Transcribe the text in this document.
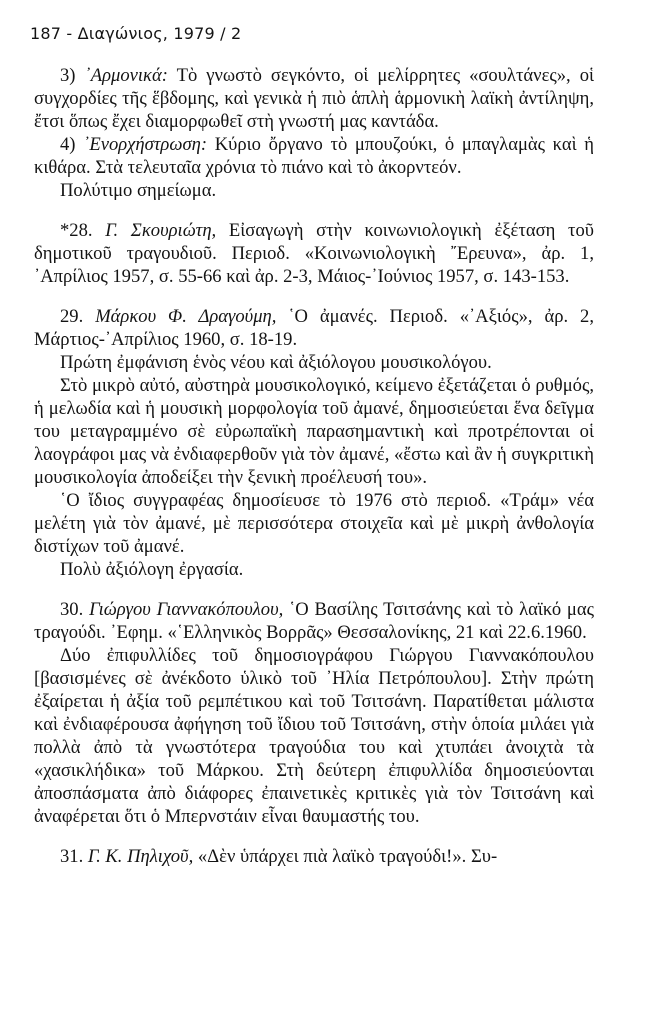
187 - Διαγώνιος, 1979 / 2

3) ᾿Αρμονικά: Τὸ γνωστὸ σεγκόντο, οἱ μελίρρητες «σουλτάνες», οἱ συγχορδίες τῆς ἕβδομης, καὶ γενικὰ ἡ πιὸ ἁπλὴ ἁρμονικὴ λαϊκὴ ἀντίληψη, ἔτσι ὅπως ἔχει διαμορφωθεῖ στὴ γνωστή μας καντάδα.

4) ᾿Ενορχήστρωση: Κύριο ὄργανο τὸ μπουζούκι, ὁ μπαγλαμὰς καὶ ἡ κιθάρα. Στὰ τελευταῖα χρόνια τὸ πιάνο καὶ τὸ ἀκορντεόν.

Πολύτιμο σημείωμα.

*28. Γ. Σκουριώτη, Εἰσαγωγὴ στὴν κοινωνιολογικὴ ἐξέταση τοῦ δημοτικοῦ τραγουδιοῦ. Περιοδ. «Κοινωνιολογικὴ ῎Ερευνα», ἀρ. 1, ᾿Απρίλιος 1957, σ. 55-66 καὶ ἀρ. 2-3, Μάιος-᾿Ιούνιος 1957, σ. 143-153.

29. Μάρκου Φ. Δραγούμη, ῾Ο ἀμανές. Περιοδ. «᾿Αξιός», ἀρ. 2, Μάρτιος-᾿Απρίλιος 1960, σ. 18-19.

Πρώτη ἐμφάνιση ἑνὸς νέου καὶ ἀξιόλογου μουσικολόγου.

Στὸ μικρὸ αὐτό, αὐστηρὰ μουσικολογικό, κείμενο ἐξετάζεται ὁ ρυθμός, ἡ μελωδία καὶ ἡ μουσικὴ μορφολογία τοῦ ἀμανέ, δημοσιεύεται ἕνα δεῖγμα του μεταγραμμένο σὲ εὐρωπαϊκὴ παρασημαντικὴ καὶ προτρέπονται οἱ λαογράφοι μας νὰ ἐνδιαφερθοῦν γιὰ τὸν ἀμανέ, «ἔστω καὶ ἂν ἡ συγκριτικὴ μουσικολογία ἀποδείξει τὴν ξενικὴ προέλευσή του».

῾Ο ἴδιος συγγραφέας δημοσίευσε τὸ 1976 στὸ περιοδ. «Τράμ» νέα μελέτη γιὰ τὸν ἀμανέ, μὲ περισσότερα στοιχεῖα καὶ μὲ μικρὴ ἀνθολογία διστίχων τοῦ ἀμανέ.

Πολὺ ἀξιόλογη ἐργασία.

30. Γιώργου Γιαννακόπουλου, ῾Ο Βασίλης Τσιτσάνης καὶ τὸ λαϊκό μας τραγούδι. ᾿Εφημ. «῾Ελληνικὸς Βορρᾶς» Θεσσαλονίκης, 21 καὶ 22.6.1960.

Δύο ἐπιφυλλίδες τοῦ δημοσιογράφου Γιώργου Γιαννακόπουλου [βασισμένες σὲ ἀνέκδοτο ὑλικὸ τοῦ ᾿Ηλία Πετρόπουλου]. Στὴν πρώτη ἐξαίρεται ἡ ἀξία τοῦ ρεμπέτικου καὶ τοῦ Τσιτσάνη. Παρατίθεται μάλιστα καὶ ἐνδιαφέρουσα ἀφήγηση τοῦ ἴδιου τοῦ Τσιτσάνη, στὴν ὁποία μιλάει γιὰ πολλὰ ἀπὸ τὰ γνωστότερα τραγούδια του καὶ χτυπάει ἀνοιχτὰ τὰ «χασικλήδικα» τοῦ Μάρκου. Στὴ δεύτερη ἐπιφυλλίδα δημοσιεύονται ἀποσπάσματα ἀπὸ διάφορες ἐπαινετικὲς κριτικὲς γιὰ τὸν Τσιτσάνη καὶ ἀναφέρεται ὅτι ὁ Μπερνστάιν εἶναι θαυμαστής του.

31. Γ. Κ. Πηλιχοῦ, «Δὲν ὑπάρχει πιὰ λαϊκὸ τραγούδι!». Συ-
